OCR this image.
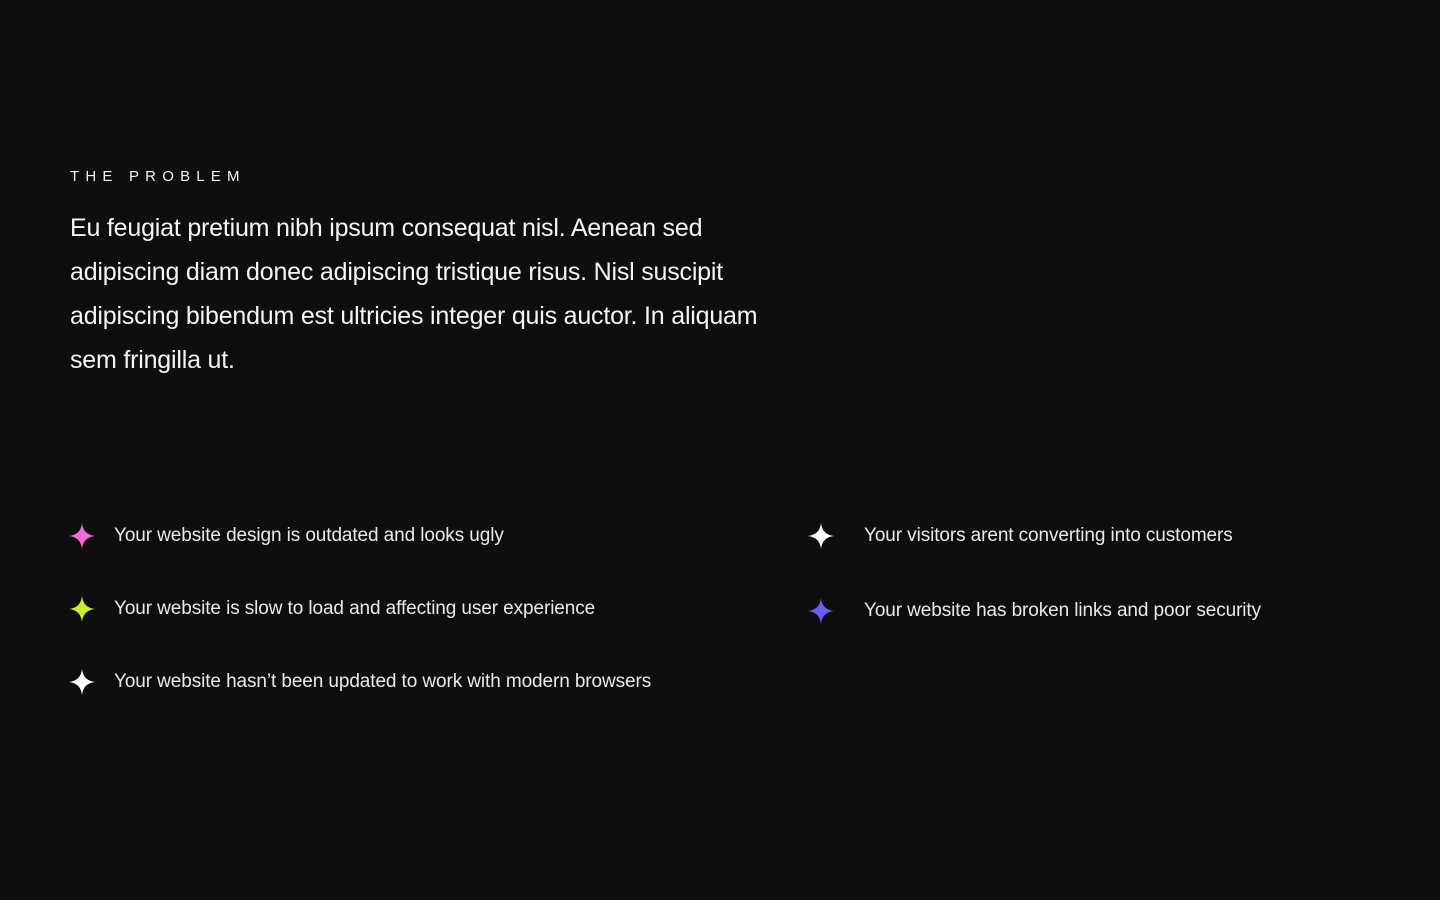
THE PROBLEM
Eu feugiat pretium nibh ipsum consequat nisl. Aenean sed adipiscing diam donec adipiscing tristique risus. Nisl suscipit adipiscing bibendum est ultricies integer quis auctor. In aliquam sem fringilla ut.
Your website design is outdated and looks ugly
Your website is slow to load and affecting user experience
Your website hasn’t been updated to work with modern browsers
Your visitors arent converting into customers
Your website has broken links and poor security
